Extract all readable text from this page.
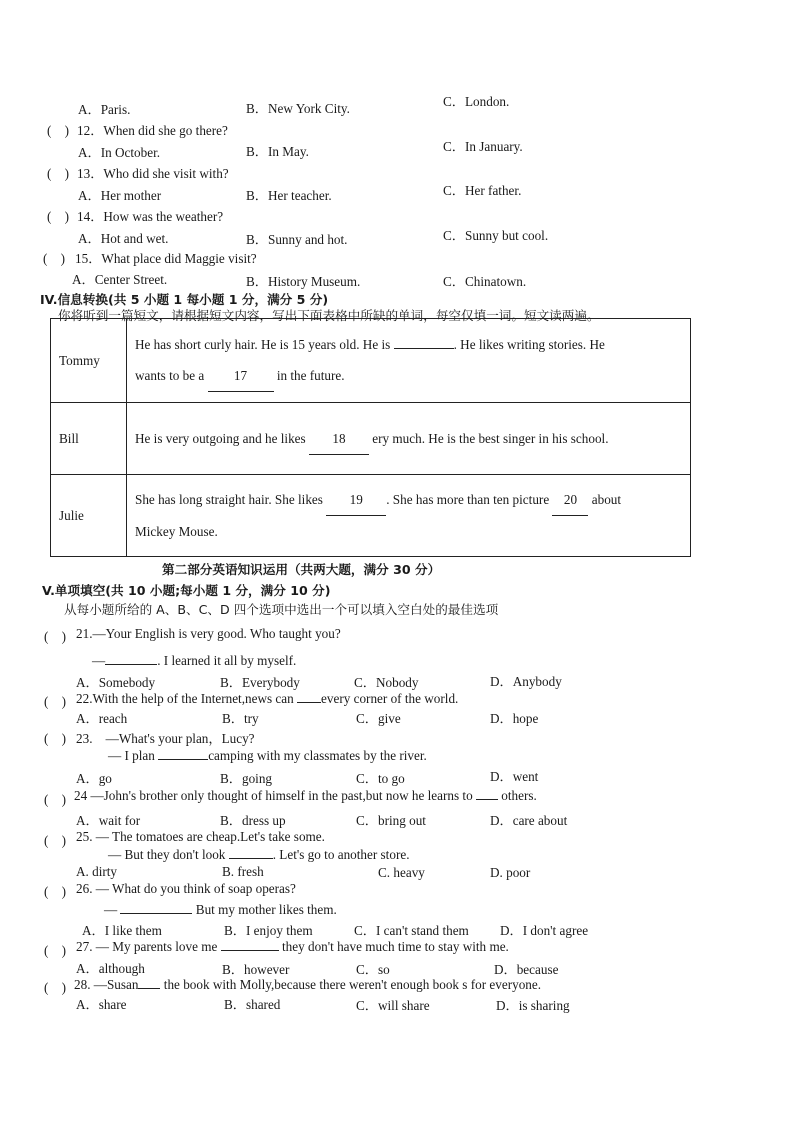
A．Paris.	B．New York City.	C．London.
(　) 12．When did she go there?
A．In October.	B．In May.	C．In January.
(　) 13．Who did she visit with?
A．Her mother	B．Her teacher.	C．Her father.
(　) 14．How was the weather?
A．Hot and wet.	B．Sunny and hot.	C．Sunny but cool.
(　) 15．What place did Maggie visit?
A．Center Street.	B．History Museum.	C．Chinatown.
IV.信息转换(共 5 小题 1 每小题 1 分，满分 5 分)
你将听到一篇短文，请根据短文内容，写出下面表格中所缺的单词，每空仅填一词。短文读两遍。
Tommy	He has short curly hair. He is 15 years old. He is . He likes writing stories. He
wants to be a 17 in the future.
Bill	He is very outgoing and he likes 18 ery much. He is the best singer in his school.
Julie	She has long straight hair. She likes 19 . She has more than ten picture 20 about
Mickey Mouse.
第二部分英语知识运用（共两大题，满分 30 分）
V.单项填空(共 10 小题;每小题 1 分，满分 10 分)
从每小题所给的 A、B、C、D 四个选项中选出一个可以填入空白处的最佳选项
(　) 21.—Your English is very good. Who taught you?
—	. I learned it all by myself.
A．Somebody	B．Everybody	C．Nobody	D．Anybody
(　) 22.With the help of the Internet,news can every corner of the world.
A．reach	B．try	C．give	D．hope
(　) 23.　—What's your plan，Lucy?
— I plan	camping with my classmates by the river.
A．go	B．going	C．to go	D．went
(　) 24 —John's brother only thought of himself in the past,but now he learns to others.
A．wait for	B．dress up	C．bring out	D．care about
(　) 25. — The tomatoes are cheap.Let's take some.
— But they don't look	. Let's go to another store.
A. dirty	B. fresh	C. heavy	D. poor
(　) 26. — What do you think of soap operas?
—	But my mother likes them.
A．I like them	B．I enjoy them	C．I can't stand them D．I don't agree
(　) 27. — My parents love me	they don't have much time to stay with me.
A．although	B．however	C．so	D．because
(　) 28. —Susan the book with Molly,because there weren't enough book s for everyone.
A．share	B．shared	C．will share	D．is sharing
